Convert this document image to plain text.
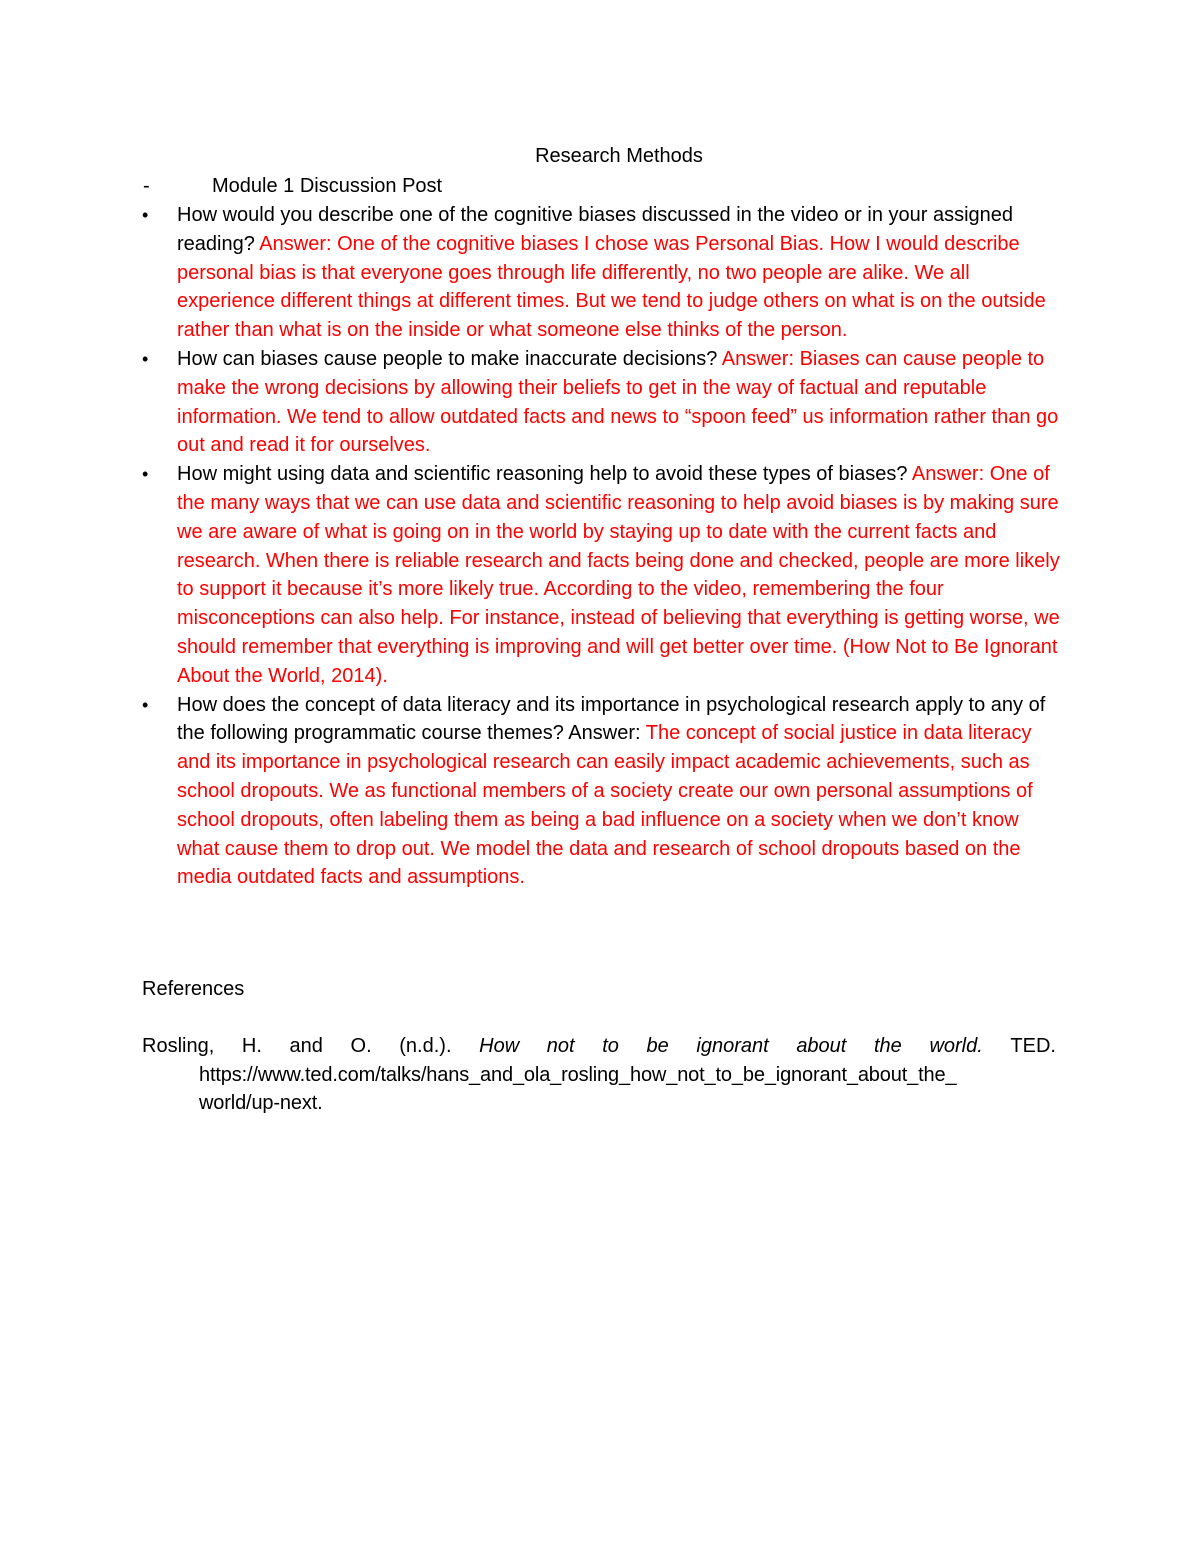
Research Methods
-	Module 1 Discussion Post
• How would you describe one of the cognitive biases discussed in the video or in your assigned reading? Answer: One of the cognitive biases I chose was Personal Bias. How I would describe personal bias is that everyone goes through life differently, no two people are alike. We all experience different things at different times. But we tend to judge others on what is on the outside rather than what is on the inside or what someone else thinks of the person.
• How can biases cause people to make inaccurate decisions? Answer: Biases can cause people to make the wrong decisions by allowing their beliefs to get in the way of factual and reputable information. We tend to allow outdated facts and news to “spoon feed” us information rather than go out and read it for ourselves.
• How might using data and scientific reasoning help to avoid these types of biases? Answer: One of the many ways that we can use data and scientific reasoning to help avoid biases is by making sure we are aware of what is going on in the world by staying up to date with the current facts and research. When there is reliable research and facts being done and checked, people are more likely to support it because it’s more likely true. According to the video, remembering the four misconceptions can also help. For instance, instead of believing that everything is getting worse, we should remember that everything is improving and will get better over time. (How Not to Be Ignorant About the World, 2014).
• How does the concept of data literacy and its importance in psychological research apply to any of the following programmatic course themes? Answer: The concept of social justice in data literacy and its importance in psychological research can easily impact academic achievements, such as school dropouts. We as functional members of a society create our own personal assumptions of school dropouts, often labeling them as being a bad influence on a society when we don’t know what cause them to drop out. We model the data and research of school dropouts based on the media outdated facts and assumptions.
References
Rosling, H. and O. (n.d.). How not to be ignorant about the world. TED.
https://www.ted.com/talks/hans_and_ola_rosling_how_not_to_be_ignorant_about_the_
world/up-next.
